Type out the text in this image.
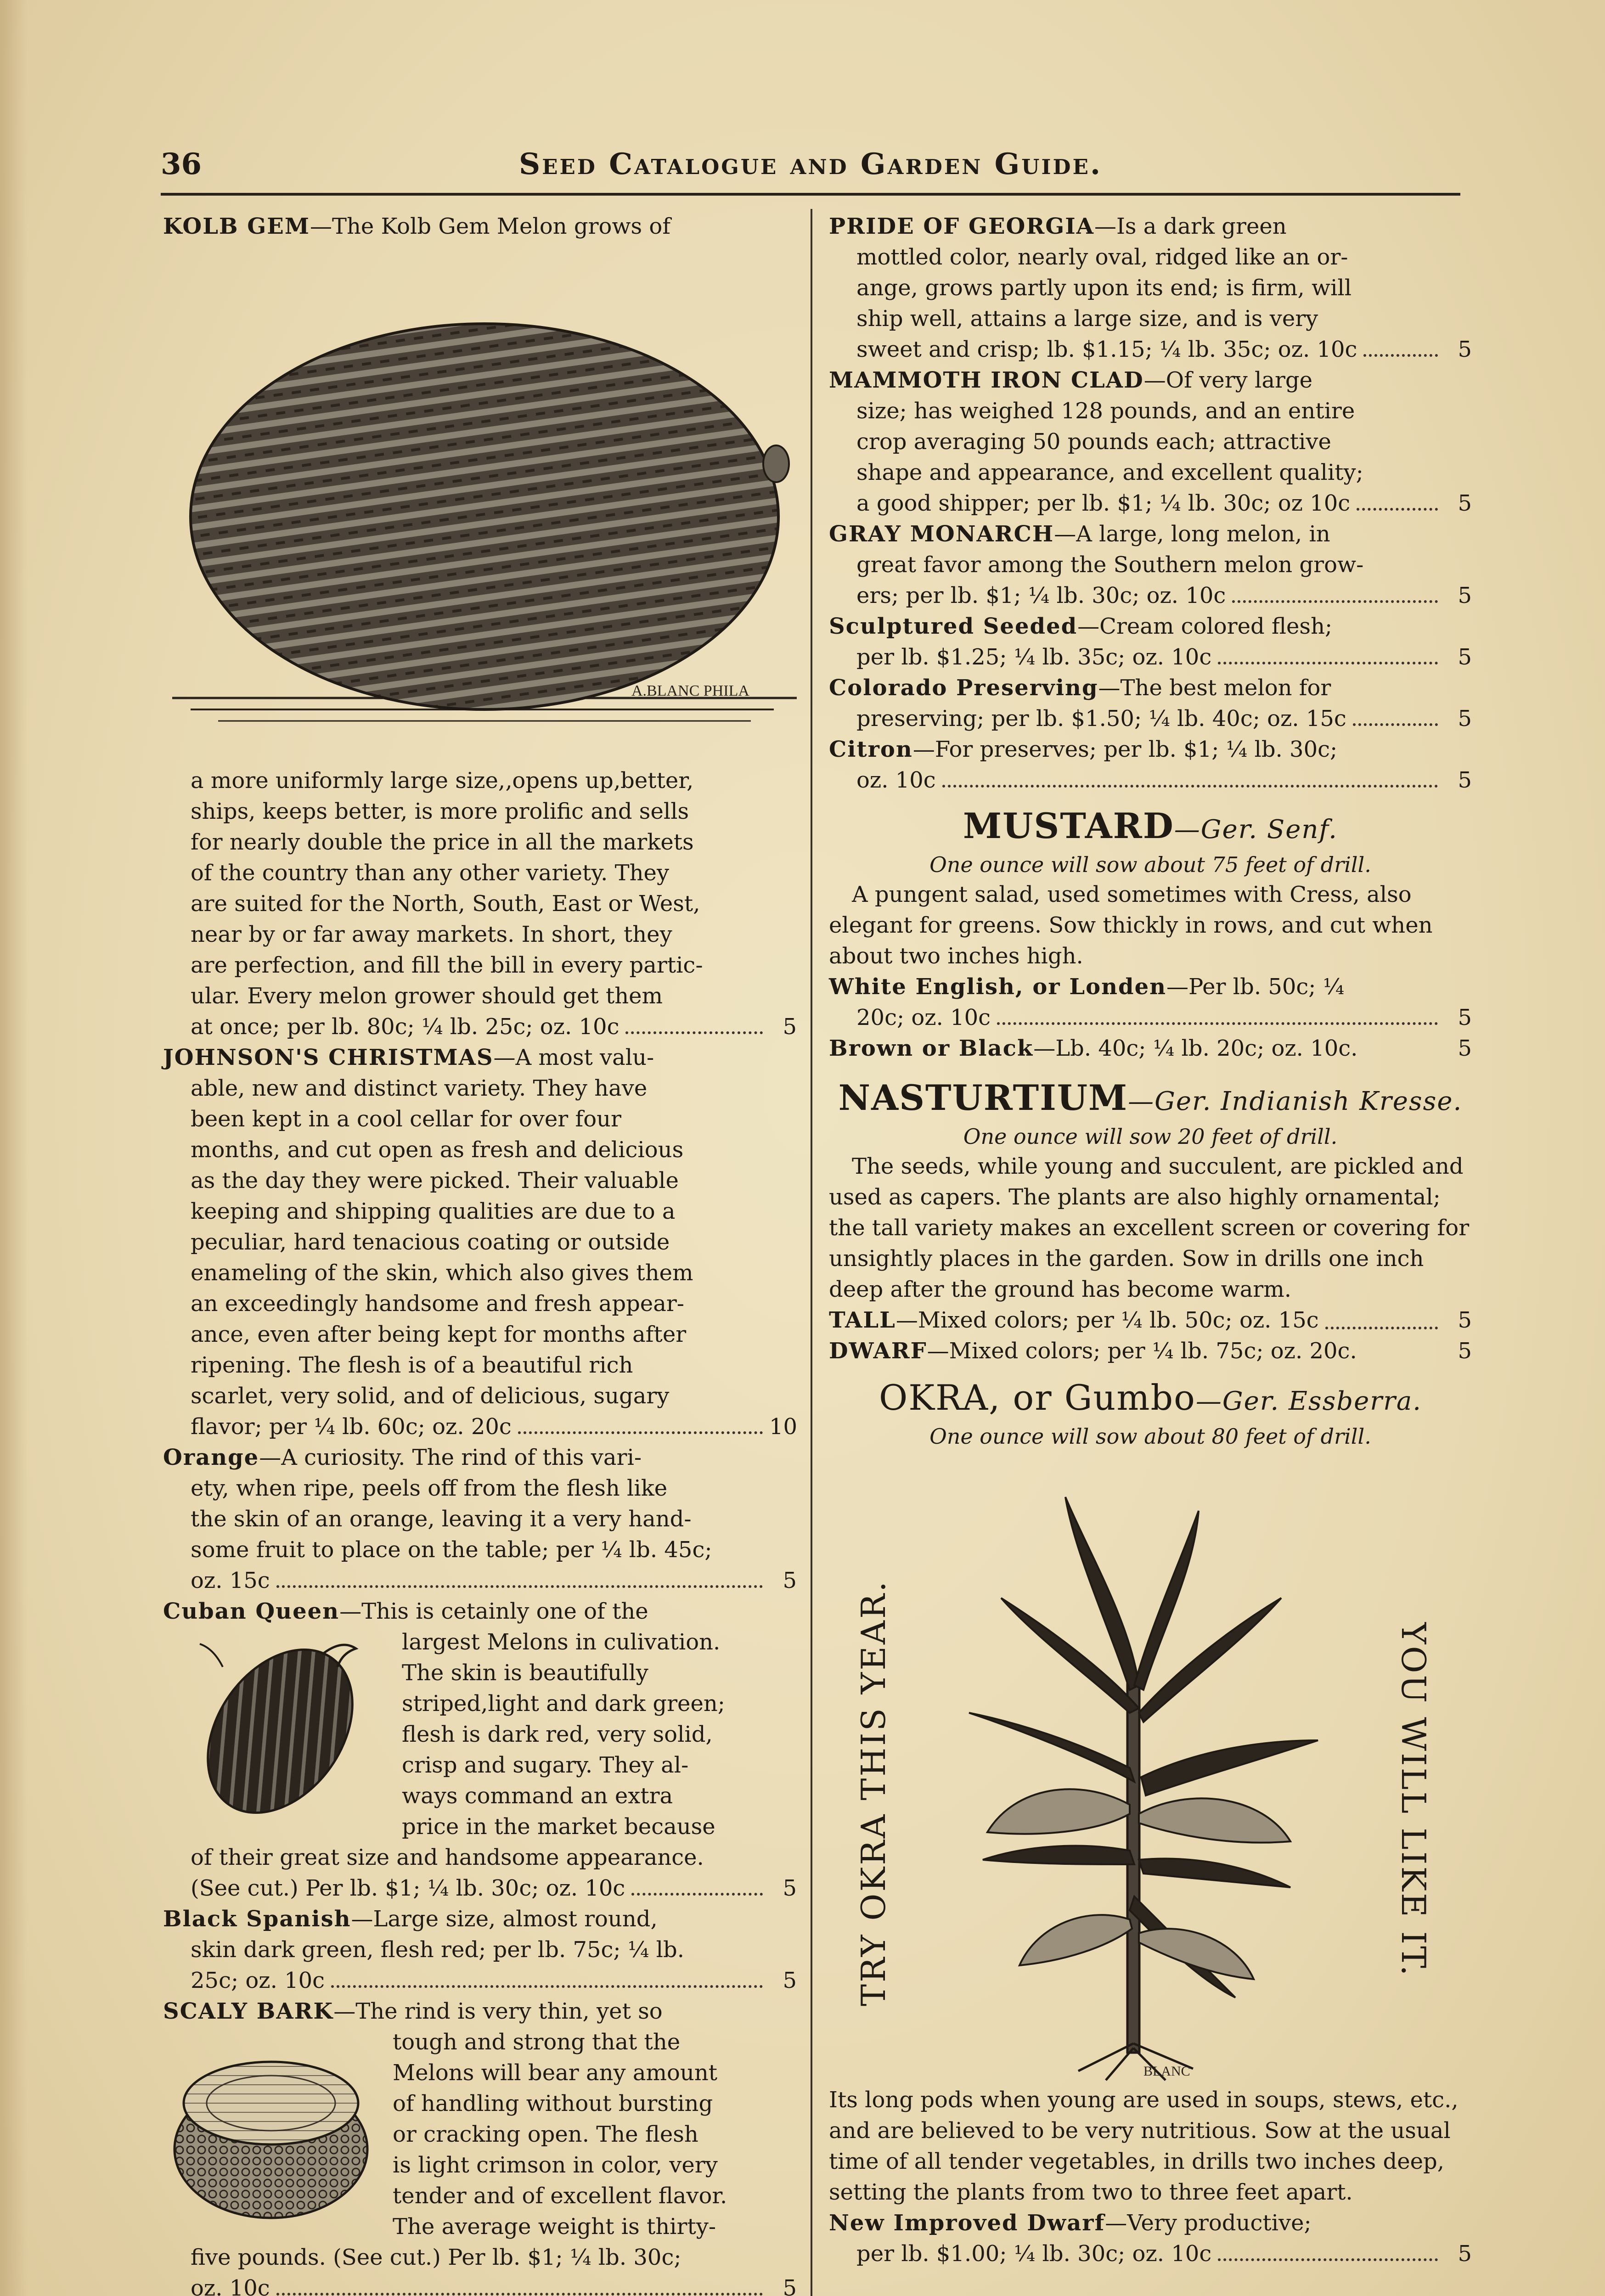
36	Seed Catalogue and Garden Guide.
A.BLANC PHILA
BLANC
TRY OKRA THIS YEAR.	YOU WILL LIKE IT.
KOLB GEM—The Kolb Gem Melon grows of
a more uniformly large size,‚opens up‚better,
ships, keeps better, is more prolific and sells
for nearly double the price in all the markets
of the country than any other variety. They
are suited for the North, South, East or West,
near by or far away markets. In short, they
are perfection, and fill the bill in every partic-
ular. Every melon grower should get them
at once; per lb. 80c; ¼ lb. 25c; oz. 10c	5
JOHNSON'S CHRISTMAS—A most valu-
able, new and distinct variety. They have
been kept in a cool cellar for over four
months, and cut open as fresh and delicious
as the day they were picked. Their valuable
keeping and shipping qualities are due to a
peculiar, hard tenacious coating or outside
enameling of the skin, which also gives them
an exceedingly handsome and fresh appear-
ance, even after being kept for months after
ripening. The flesh is of a beautiful rich
scarlet, very solid, and of delicious, sugary
flavor; per ¼ lb. 60c; oz. 20c	10
Orange—A curiosity. The rind of this vari-
ety, when ripe, peels off from the flesh like
the skin of an orange, leaving it a very hand-
some fruit to place on the table; per ¼ lb. 45c;
oz. 15c	5
Cuban Queen—This is cetainly one of the
largest Melons in culivation.
The skin is beautifully
striped,light and dark green;
flesh is dark red, very solid,
crisp and sugary. They al-
ways command an extra
price in the market because
of their great size and handsome appearance.
(See cut.) Per lb. $1; ¼ lb. 30c; oz. 10c	5
Black Spanish—Large size, almost round,
skin dark green, flesh red; per lb. 75c; ¼ lb.
25c; oz. 10c	5
SCALY BARK—The rind is very thin, yet so
tough and strong that the
Melons will bear any amount
of handling without bursting
or cracking open. The flesh
is light crimson in color, very
tender and of excellent flavor.
The average weight is thirty-
five pounds. (See cut.) Per lb. $1; ¼ lb. 30c;
oz. 10c	5
PRIDE OF GEORGIA—Is a dark green
mottled color, nearly oval, ridged like an or-
ange, grows partly upon its end; is firm, will
ship well, attains a large size, and is very
sweet and crisp; lb. $1.15; ¼ lb. 35c; oz. 10c	5
MAMMOTH IRON CLAD—Of very large
size; has weighed 128 pounds, and an entire
crop averaging 50 pounds each; attractive
shape and appearance, and excellent quality;
a good shipper; per lb. $1; ¼ lb. 30c; oz 10c	5
GRAY MONARCH—A large, long melon, in
great favor among the Southern melon grow-
ers; per lb. $1; ¼ lb. 30c; oz. 10c	5
Sculptured Seeded—Cream colored flesh;
per lb. $1.25; ¼ lb. 35c; oz. 10c	5
Colorado Preserving—The best melon for
preserving; per lb. $1.50; ¼ lb. 40c; oz. 15c	5
Citron—For preserves; per lb. $1; ¼ lb. 30c;
oz. 10c	5
MUSTARD—Ger. Senf.
One ounce will sow about 75 feet of drill.
A pungent salad, used sometimes with Cress, also elegant for greens. Sow thickly in rows, and cut when about two inches high.
White English, or Londen—Per lb. 50c; ¼
20c; oz. 10c	5
Brown or Black —Lb. 40c; ¼ lb. 20c; oz. 10c.	5
NASTURTIUM—Ger. Indianish Kresse.
One ounce will sow 20 feet of drill.
The seeds, while young and succulent, are pickled and used as capers. The plants are also highly ornamental; the tall variety makes an excellent screen or covering for unsightly places in the garden. Sow in drills one inch deep after the ground has become warm.
TALL —Mixed colors; per ¼ lb. 50c; oz. 15c	5
DWARF —Mixed colors; per ¼ lb. 75c; oz. 20c.	5
OKRA, or Gumbo—Ger. Essberra.
One ounce will sow about 80 feet of drill.
Its long pods when young are used in soups, stews, etc., and are believed to be very nutritious. Sow at the usual time of all tender vegetables, in drills two inches deep, setting the plants from two to three feet apart.
New Improved Dwarf—Very productive;
per lb. $1.00; ¼ lb. 30c; oz. 10c	5
